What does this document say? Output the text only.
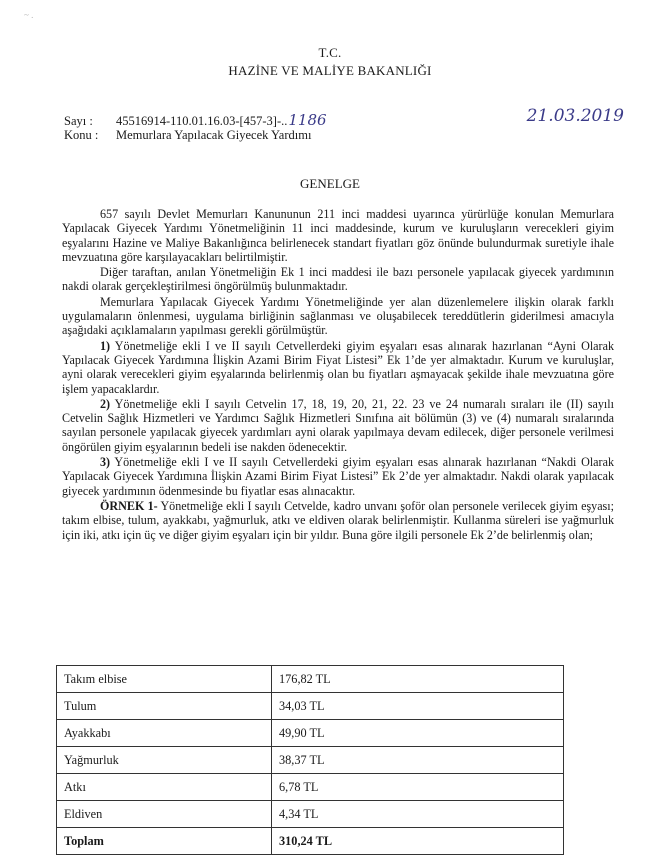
~ .
T.C.
HAZİNE VE MALİYE BAKANLIĞI
Sayı : 45516914-110.01.16.03-[457-3]-..1186
Konu : Memurlara Yapılacak Giyecek Yardımı
21.03.2019
GENELGE

657 sayılı Devlet Memurları Kanununun 211 inci maddesi uyarınca yürürlüğe konulan Memurlara Yapılacak Giyecek Yardımı Yönetmeliğinin 11 inci maddesinde, kurum ve kuruluşların verecekleri giyim eşyalarını Hazine ve Maliye Bakanlığınca belirlenecek standart fiyatları göz önünde bulundurmak suretiyle ihale mevzuatına göre karşılayacakları belirtilmiştir.

Diğer taraftan, anılan Yönetmeliğin Ek 1 inci maddesi ile bazı personele yapılacak giyecek yardımının nakdi olarak gerçekleştirilmesi öngörülmüş bulunmaktadır.

Memurlara Yapılacak Giyecek Yardımı Yönetmeliğinde yer alan düzenlemelere ilişkin olarak farklı uygulamaların önlenmesi, uygulama birliğinin sağlanması ve oluşabilecek tereddütlerin giderilmesi amacıyla aşağıdaki açıklamaların yapılması gerekli görülmüştür.

1) Yönetmeliğe ekli I ve II sayılı Cetvellerdeki giyim eşyaları esas alınarak hazırlanan “Ayni Olarak Yapılacak Giyecek Yardımına İlişkin Azami Birim Fiyat Listesi” Ek 1’de yer almaktadır. Kurum ve kuruluşlar, ayni olarak verecekleri giyim eşyalarında belirlenmiş olan bu fiyatları aşmayacak şekilde ihale mevzuatına göre işlem yapacaklardır.

2) Yönetmeliğe ekli I sayılı Cetvelin 17, 18, 19, 20, 21, 22. 23 ve 24 numaralı sıraları ile (II) sayılı Cetvelin Sağlık Hizmetleri ve Yardımcı Sağlık Hizmetleri Sınıfına ait bölümün (3) ve (4) numaralı sıralarında sayılan personele yapılacak giyecek yardımları ayni olarak yapılmaya devam edilecek, diğer personele verilmesi öngörülen giyim eşyalarının bedeli ise nakden ödenecektir.

3) Yönetmeliğe ekli I ve II sayılı Cetvellerdeki giyim eşyaları esas alınarak hazırlanan “Nakdi Olarak Yapılacak Giyecek Yardımına İlişkin Azami Birim Fiyat Listesi” Ek 2’de yer almaktadır. Nakdi olarak yapılacak giyecek yardımının ödenmesinde bu fiyatlar esas alınacaktır.

ÖRNEK 1- Yönetmeliğe ekli I sayılı Cetvelde, kadro unvanı şoför olan personele verilecek giyim eşyası; takım elbise, tulum, ayakkabı, yağmurluk, atkı ve eldiven olarak belirlenmiştir. Kullanma süreleri ise yağmurluk için iki, atkı için üç ve diğer giyim eşyaları için bir yıldır. Buna göre ilgili personele Ek 2’de belirlenmiş olan;

Takım elbise	176,82 TL
Tulum	34,03 TL
Ayakkabı	49,90 TL
Yağmurluk	38,37 TL
Atkı	6,78 TL
Eldiven	4,34 TL
Toplam	310,24 TL
